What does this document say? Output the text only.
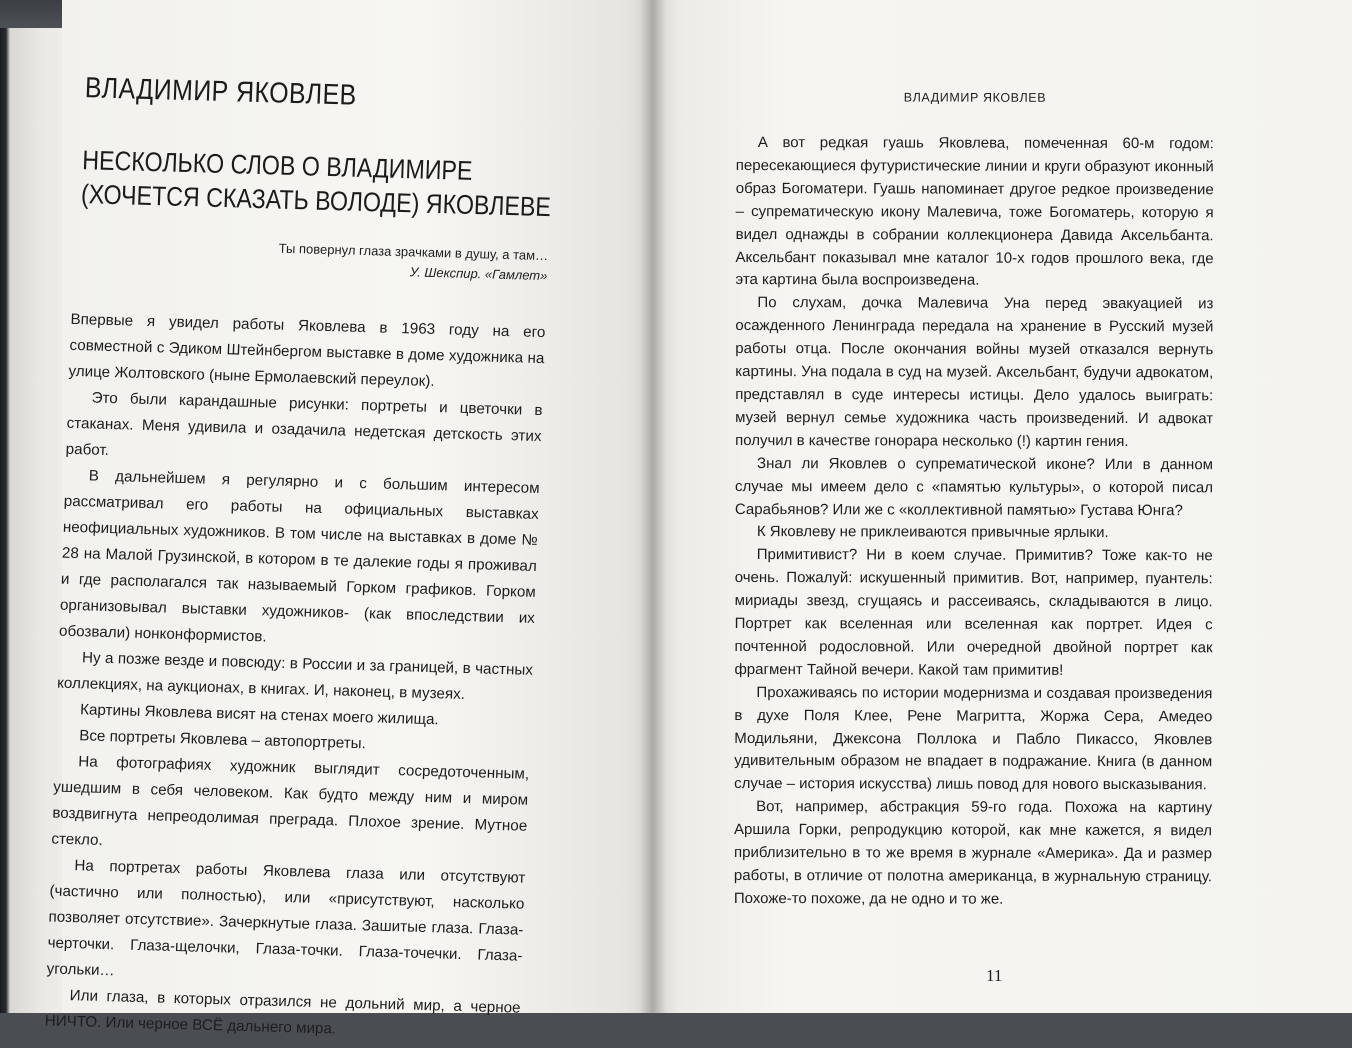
ВЛАДИМИР ЯКОВЛЕВ
НЕСКОЛЬКО СЛОВ О ВЛАДИМИРЕ
(ХОЧЕТСЯ СКАЗАТЬ ВОЛОДЕ) ЯКОВЛЕВЕ
Ты повернул глаза зрачками в душу, а там…
У. Шекспир. «Гамлет»

Впервые я увидел работы Яковлева в 1963 году на его совместной с Эдиком Штейнбергом выставке в доме художника на улице Жолтовского (ныне Ермолаевский переулок).

Это были карандашные рисунки: портреты и цветочки в стаканах. Меня удивила и озадачила недетская детскость этих работ.

В дальнейшем я регулярно и с большим интересом рассматривал его работы на официальных выставках неофициальных художников. В том числе на выставках в доме № 28 на Малой Грузинской, в котором в те далекие годы я проживал и где располагался так называемый Горком графиков. Горком организовывал выставки художников- (как впоследствии их обозвали) нонконформистов.

Ну а позже везде и повсюду: в России и за границей, в частных коллекциях, на аукционах, в книгах. И, наконец, в музеях.

Картины Яковлева висят на стенах моего жилища.

Все портреты Яковлева – автопортреты.

На фотографиях художник выглядит сосредоточенным, ушедшим в себя человеком. Как будто между ним и миром воздвигнута непреодолимая преграда. Плохое зрение. Мутное стекло.

На портретах работы Яковлева глаза или отсутствуют (частично или полностью), или «присутствуют, насколько позволяет отсутствие». Зачеркнутые глаза. Зашитые глаза. Глаза-черточки. Глаза-щелочки, Глаза-точки. Глаза-точечки. Глаза-угольки…

Или глаза, в которых отразился не дольний мир, а черное НИЧТО. Или черное ВСЁ дальнего мира.

ВЛАДИМИР ЯКОВЛЕВ

А вот редкая гуашь Яковлева, помеченная 60-м годом: пересекающиеся футуристические линии и круги образуют иконный образ Богоматери. Гуашь напоминает другое редкое произведение – супрематическую икону Малевича, тоже Богоматерь, которую я видел однажды в собрании коллекционера Давида Аксельбанта. Аксельбант показывал мне каталог 10-х годов прошлого века, где эта картина была воспроизведена.

По слухам, дочка Малевича Уна перед эвакуацией из осажденного Ленинграда передала на хранение в Русский музей работы отца. После окончания войны музей отказался вернуть картины. Уна подала в суд на музей. Аксельбант, будучи адвокатом, представлял в суде интересы истицы. Дело удалось выиграть: музей вернул семье художника часть произведений. И адвокат получил в качестве гонорара несколько (!) картин гения.

Знал ли Яковлев о супрематической иконе? Или в данном случае мы имеем дело с «памятью культуры», о которой писал Сарабьянов? Или же с «коллективной памятью» Густава Юнга?

К Яковлеву не приклеиваются привычные ярлыки.

Примитивист? Ни в коем случае. Примитив? Тоже как-то не очень. Пожалуй: искушенный примитив. Вот, например, пуантель: мириады звезд, сгущаясь и рассеиваясь, складываются в лицо. Портрет как вселенная или вселенная как портрет. Идея с почтенной родословной. Или очередной двойной портрет как фрагмент Тайной вечери. Какой там примитив!

Прохаживаясь по истории модернизма и создавая произведения в духе Поля Клее, Рене Магритта, Жоржа Сера, Амедео Модильяни, Джексона Поллока и Пабло Пикассо, Яковлев удивительным образом не впадает в подражание. Книга (в данном случае – история искусства) лишь повод для нового высказывания.

Вот, например, абстракция 59-го года. Похожа на картину Аршила Горки, репродукцию которой, как мне кажется, я видел приблизительно в то же время в журнале «Америка». Да и размер работы, в отличие от полотна американца, в журнальную страницу. Похоже-то похоже, да не одно и то же.

11
